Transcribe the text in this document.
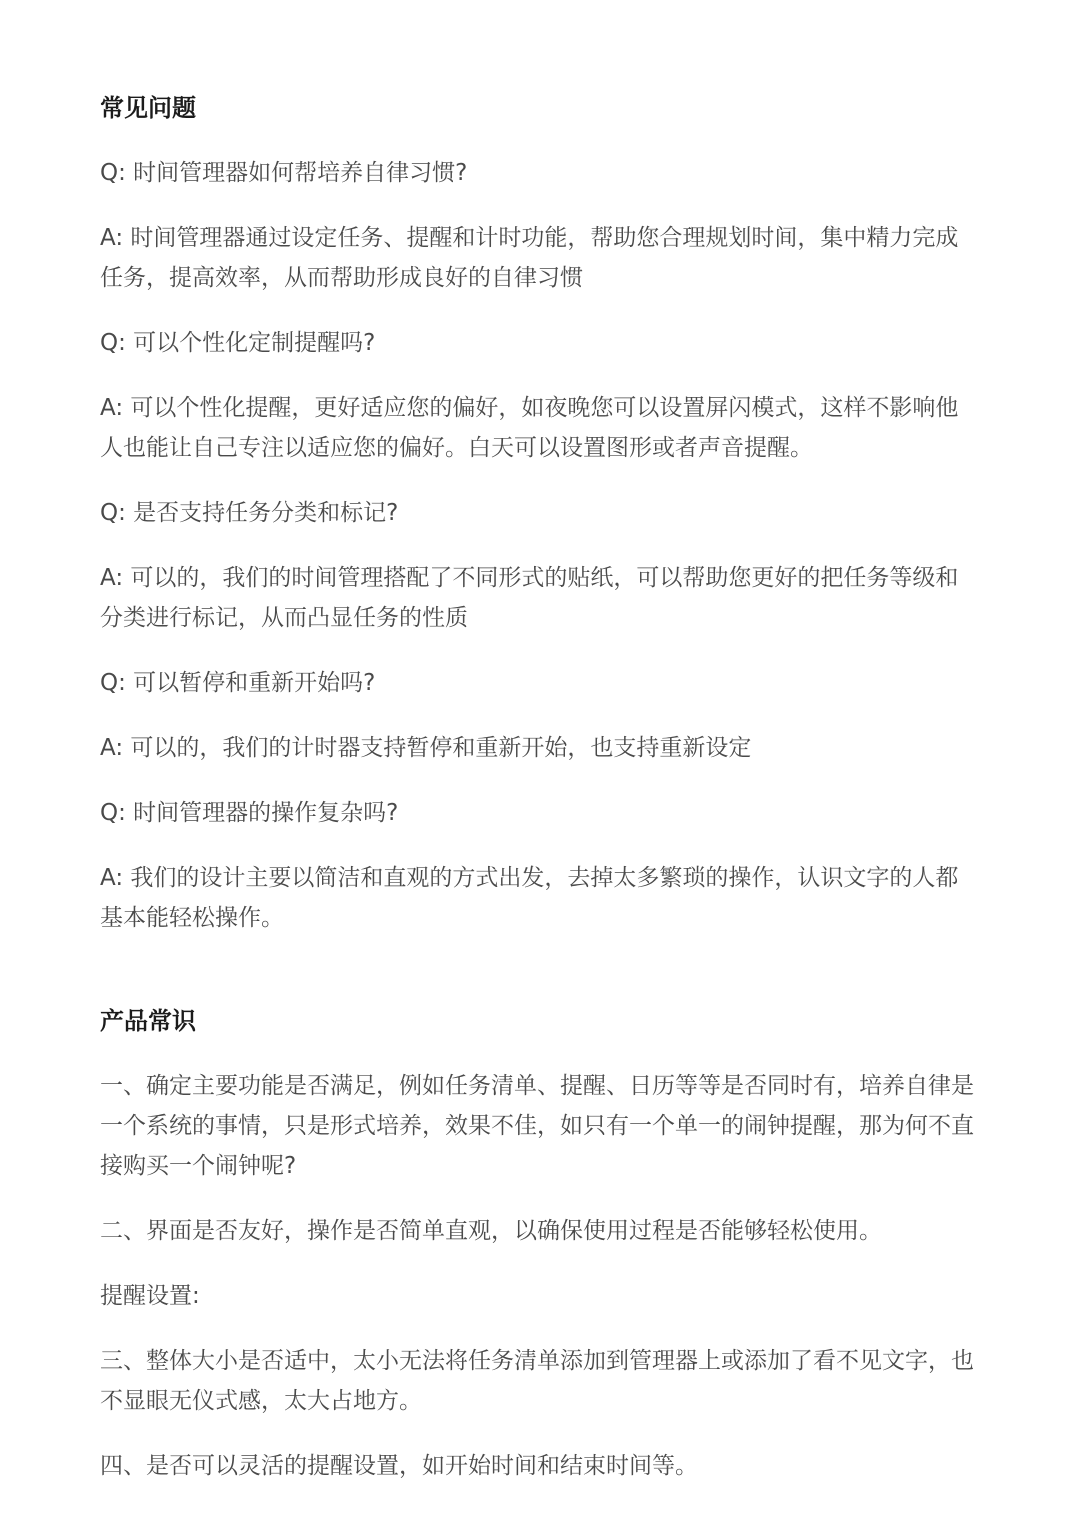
常见问题

Q: 时间管理器如何帮培养自律习惯?

A: 时间管理器通过设定任务、提醒和计时功能，帮助您合理规划时间，集中精力完成任务，提高效率，从而帮助形成良好的自律习惯

Q: 可以个性化定制提醒吗?

A: 可以个性化提醒，更好适应您的偏好，如夜晚您可以设置屏闪模式，这样不影响他人也能让自己专注以适应您的偏好。白天可以设置图形或者声音提醒。

Q: 是否支持任务分类和标记?

A: 可以的，我们的时间管理搭配了不同形式的贴纸，可以帮助您更好的把任务等级和分类进行标记，从而凸显任务的性质

Q: 可以暂停和重新开始吗?

A: 可以的，我们的计时器支持暂停和重新开始，也支持重新设定

Q: 时间管理器的操作复杂吗?

A: 我们的设计主要以简洁和直观的方式出发，去掉太多繁琐的操作，认识文字的人都基本能轻松操作。

产品常识

一、确定主要功能是否满足，例如任务清单、提醒、日历等等是否同时有，培养自律是一个系统的事情，只是形式培养，效果不佳，如只有一个单一的闹钟提醒，那为何不直接购买一个闹钟呢?

二、界面是否友好，操作是否简单直观，以确保使用过程是否能够轻松使用。

提醒设置:

三、整体大小是否适中，太小无法将任务清单添加到管理器上或添加了看不见文字，也不显眼无仪式感，太大占地方。

四、是否可以灵活的提醒设置，如开始时间和结束时间等。
